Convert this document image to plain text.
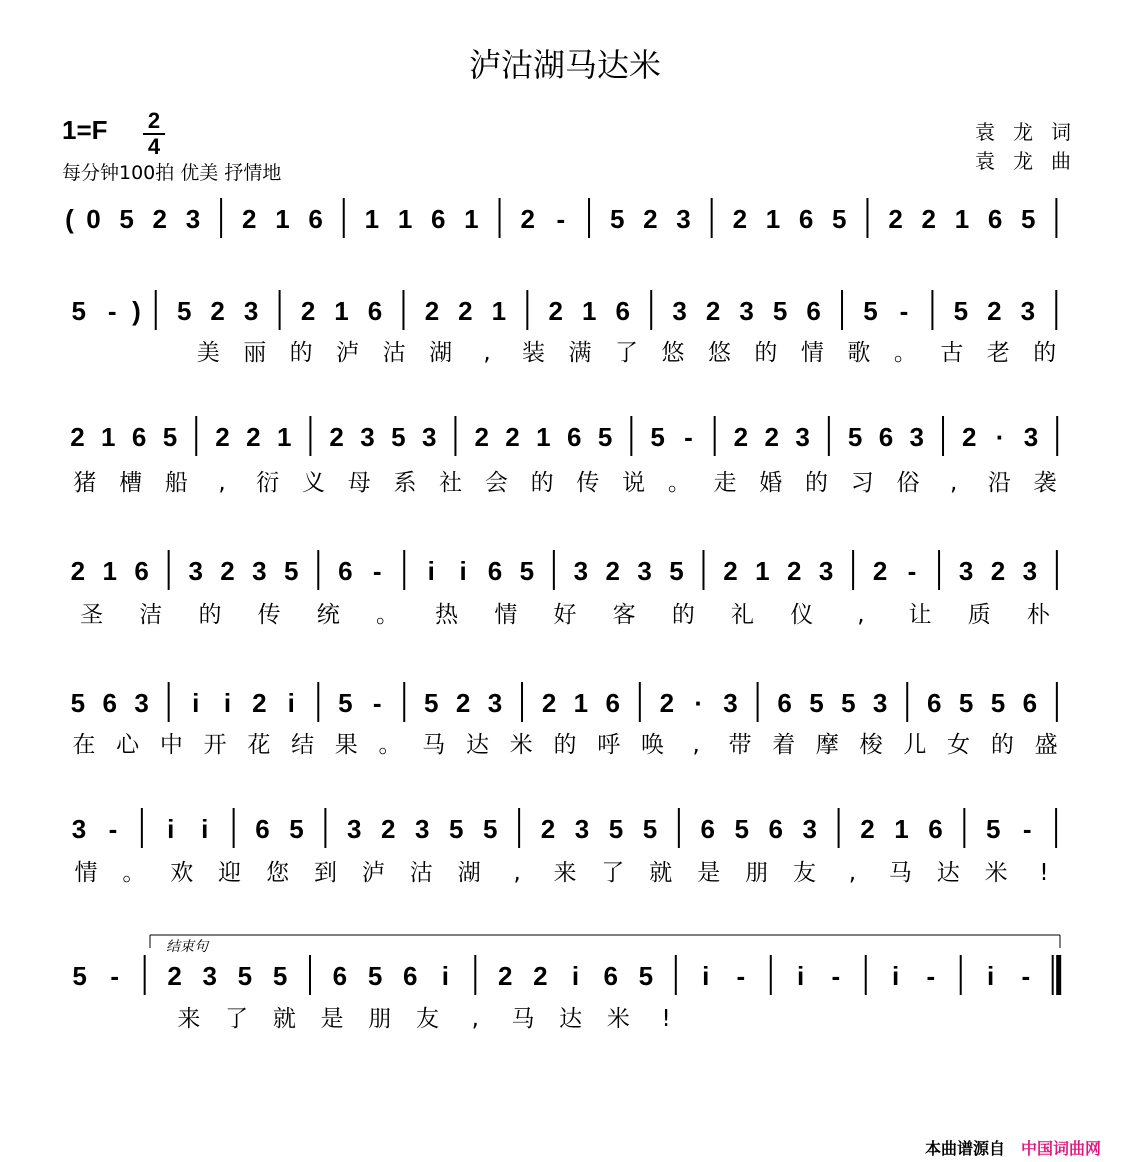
泸沽湖马达米
1=F 2
4
每分钟100拍 优美 抒情地
袁龙词
袁龙曲
( 0 5 2 3 2 1 6 1 1 6 1 2 - 5 2 3 2 1 6 5 2 2 1 6 5
5 - ) 5 2 3 2 1 6 2 2 1 2 1 6 3 2 3 5 6 5 - 5 2 3
美 丽 的 泸 沽 湖 , 装 满 了 悠 悠 的 情 歌 。 古 老 的
2 1 6 5 2 2 1 2 3 5 3 2 2 1 6 5 5 - 2 2 3 5 6 3 2 · 3
猪 槽 船 , 衍 义 母 系 社 会 的 传 说 。 走 婚 的 习 俗 , 沿 袭
2 1 6 3 2 3 5 6 - i i 6 5 3 2 3 5 2 1 2 3 2 - 3 2 3
圣 洁 的 传 统 。 热 情 好 客 的 礼 仪 , 让 质 朴
5 6 3 i i 2 i 5 - 5 2 3 2 1 6 2 · 3 6 5 5 3 6 5 5 6
在 心 中 开 花 结 果 。 马 达 米 的 呼 唤 , 带 着 摩 梭 儿 女 的 盛
3 - i i 6 5 3 2 3 5 5 2 3 5 5 6 5 6 3 2 1 6 5 -
情 。 欢 迎 您 到 泸 沽 湖 , 来 了 就 是 朋 友 , 马 达 米 !
5 - 2 3 5 5 6 5 6 i 2 2 i 6 5 i - i - i - i -
来 了 就 是 朋 友 , 马 达 米 !
结束句
本曲谱源自 中国词曲网
